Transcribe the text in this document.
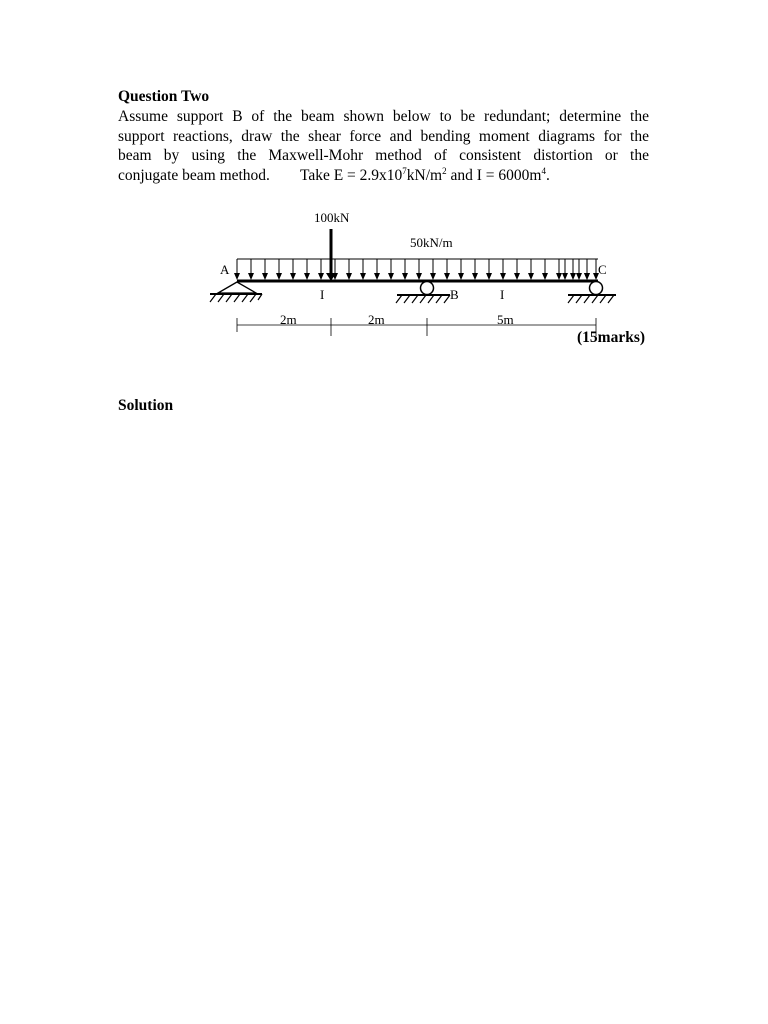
Question Two
Assume support B of the beam shown below to be redundant; determine the
support reactions, draw the shear force and bending moment diagrams for the
beam by using the Maxwell-Mohr method of consistent distortion or the
conjugate beam method. Take $E = 2.9x10^7kN/m^2$ and $I = 6000m^4$.
100kN
50kN/m
A
B
C
I	I
2m	2m	5m
(15marks)
Solution
